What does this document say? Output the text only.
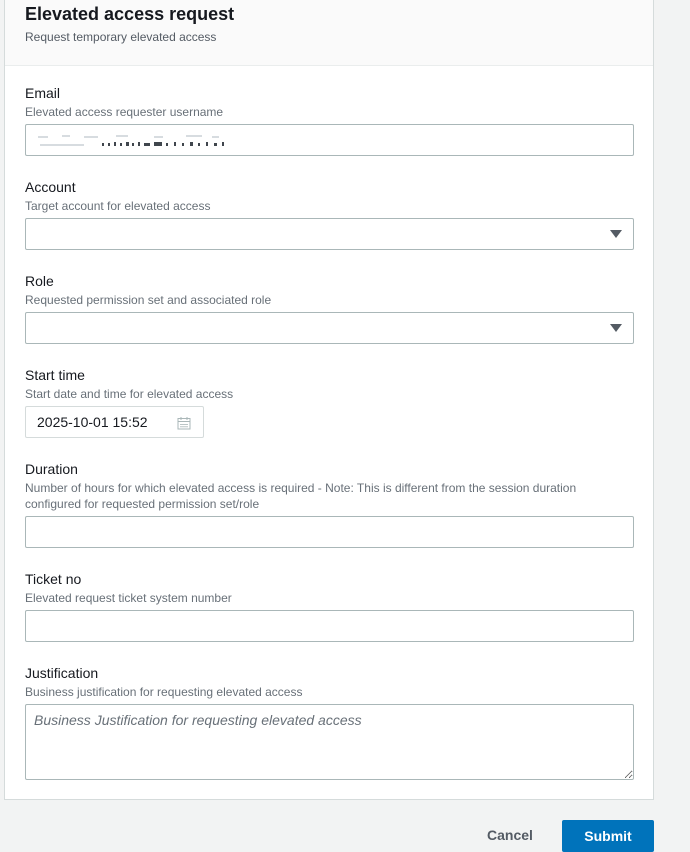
Elevated access request
Request temporary elevated access
Email
Elevated access requester username
Account
Target account for elevated access
Role
Requested permission set and associated role
Start time
Start date and time for elevated access
2025-10-01 15:52
Duration
Number of hours for which elevated access is required - Note: This is different from the session duration configured for requested permission set/role
Ticket no
Elevated request ticket system number
Justification
Business justification for requesting elevated access
Business Justification for requesting elevated access
Cancel	Submit
